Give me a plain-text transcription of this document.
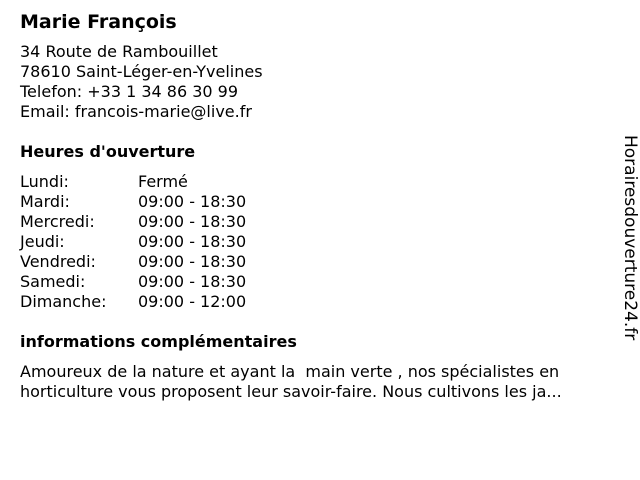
Marie François
34 Route de Rambouillet
78610 Saint-Léger-en-Yvelines
Telefon: +33 1 34 86 30 99
Email: francois-marie@live.fr
Heures d'ouverture
Lundi:	Fermé
Mardi:	09:00 - 18:30
Mercredi:	09:00 - 18:30
Jeudi:	09:00 - 18:30
Vendredi:	09:00 - 18:30
Samedi:	09:00 - 18:30
Dimanche:	09:00 - 12:00
informations complémentaires
Amoureux de la nature et ayant la  main verte , nos spécialistes en horticulture vous proposent leur savoir-faire. Nous cultivons les ja...
Horairesdouverture24.fr
